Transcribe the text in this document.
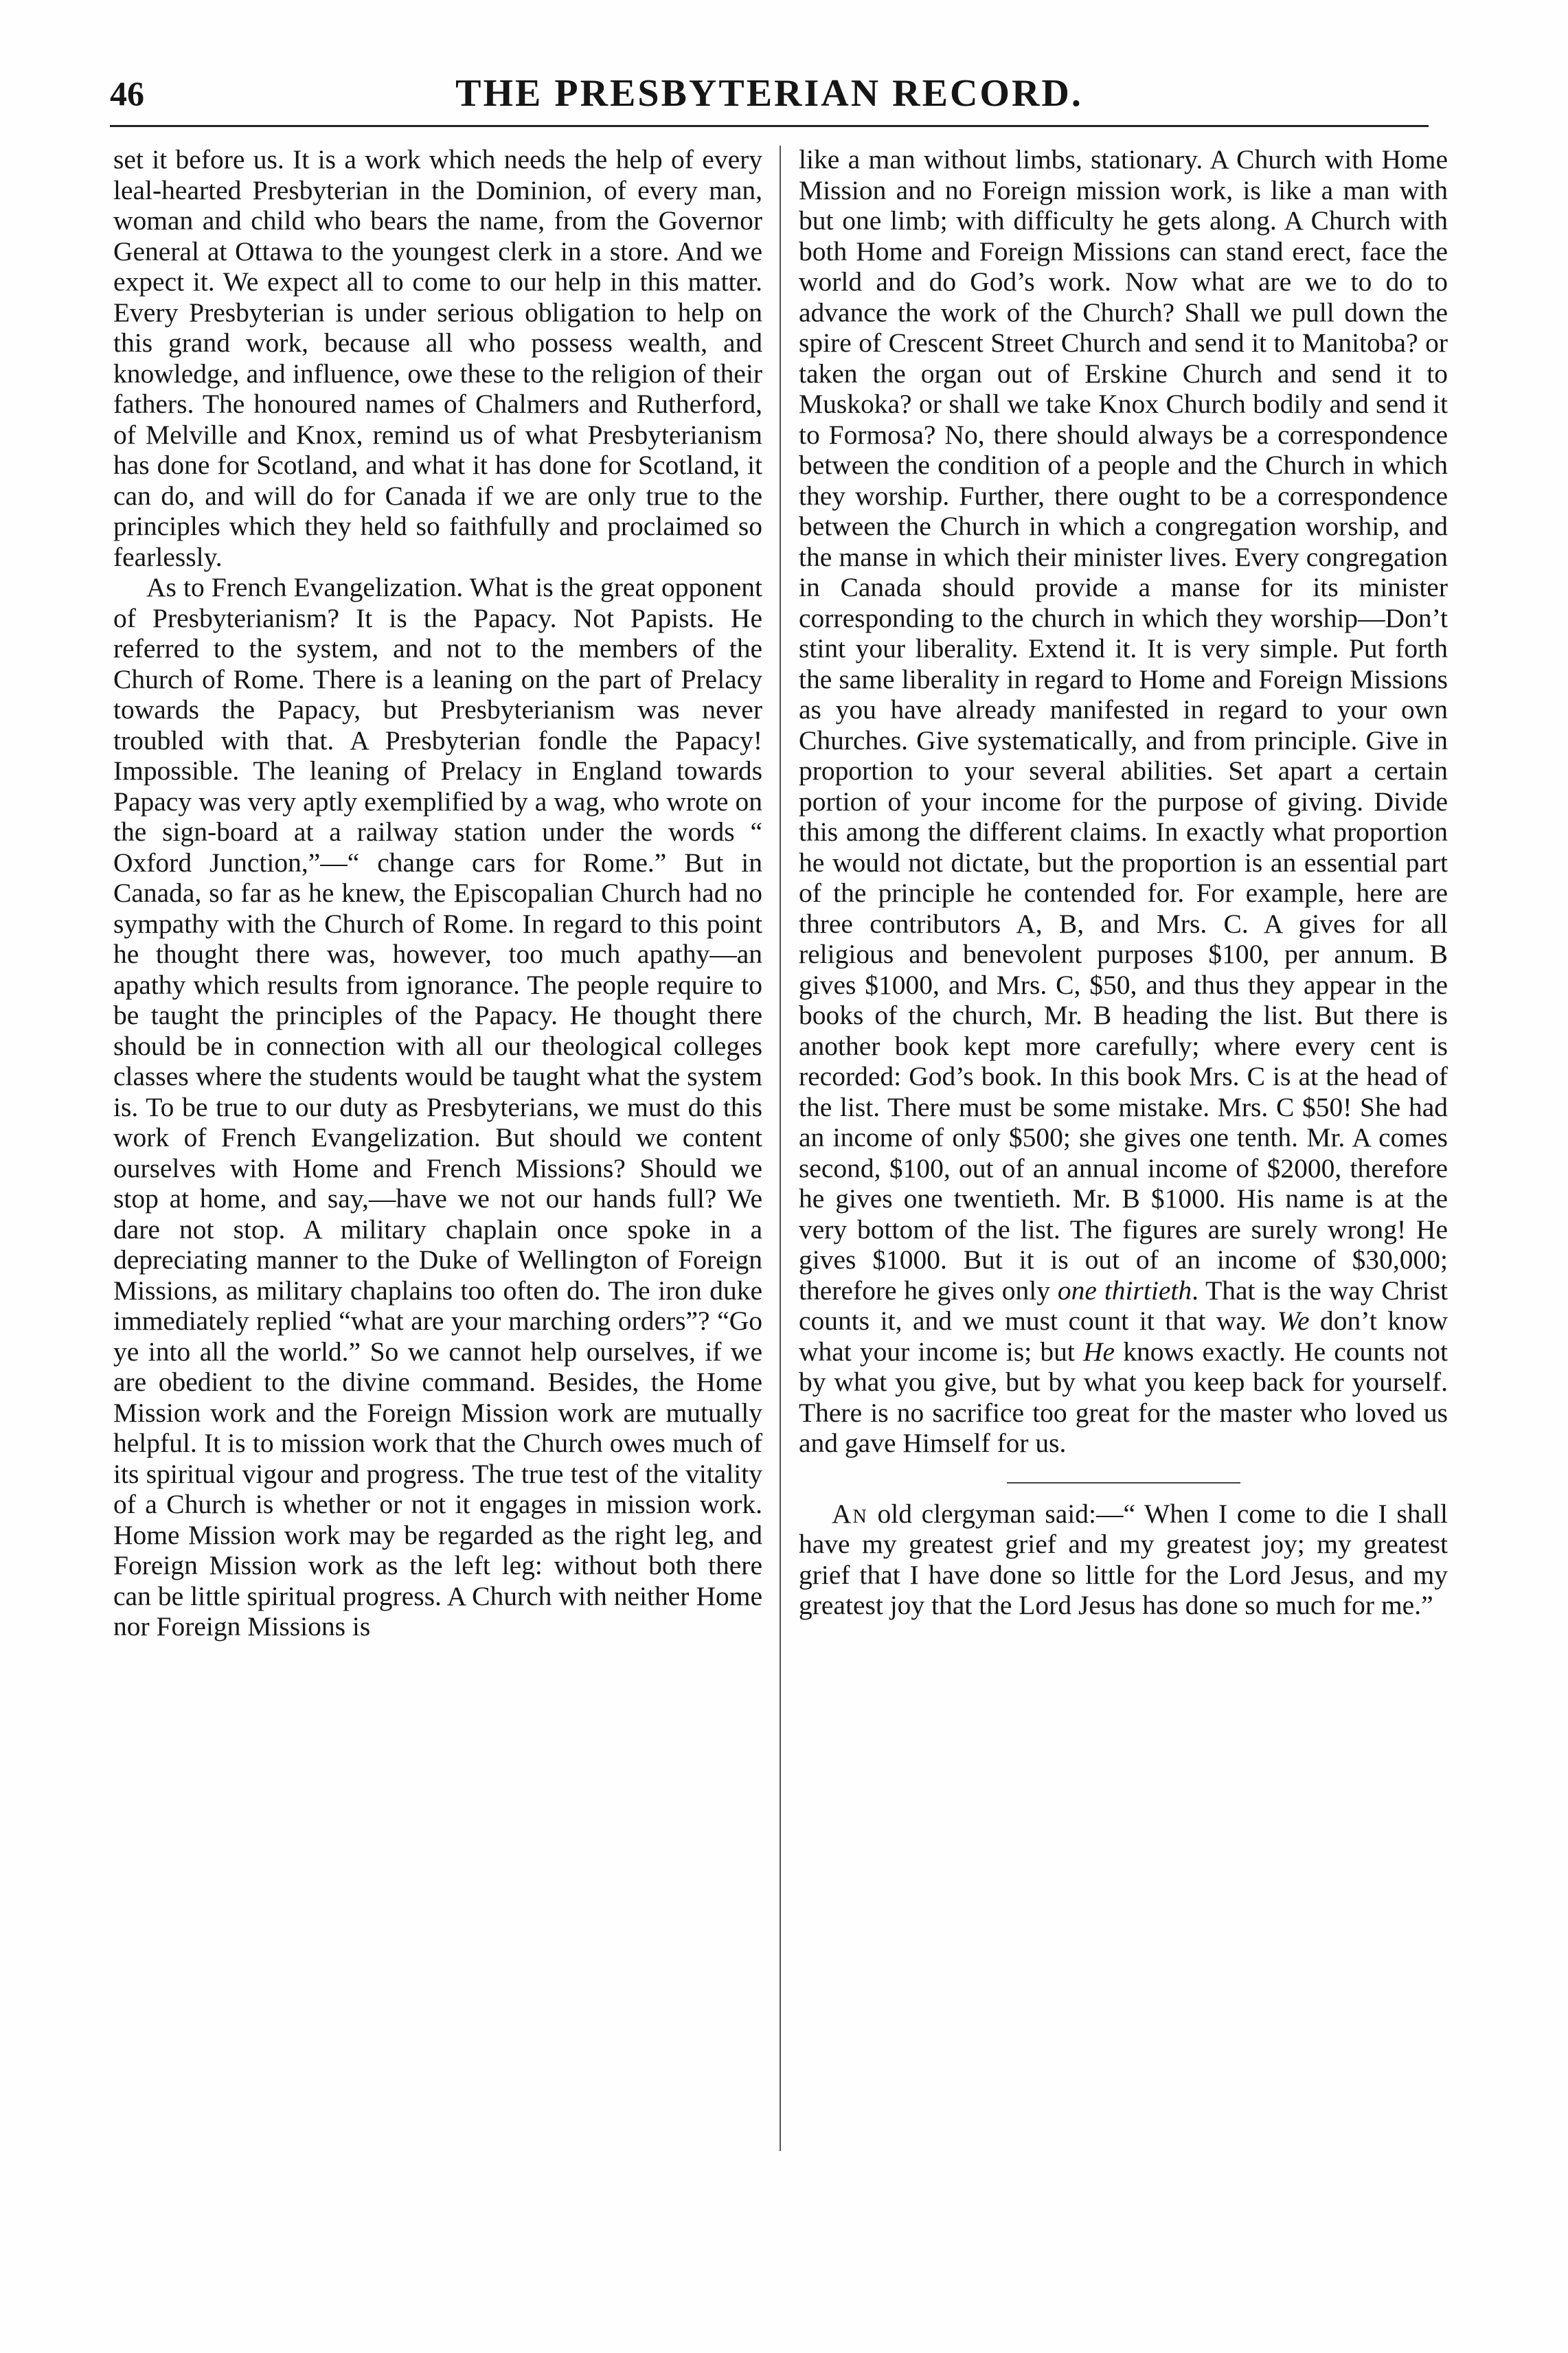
46	THE PRESBYTERIAN RECORD.

set it before us. It is a work which needs the help of every leal-hearted Presbyterian in the Dominion, of every man, woman and child who bears the name, from the Governor General at Ottawa to the youngest clerk in a store. And we expect it. We expect all to come to our help in this matter. Every Presbyterian is under serious obligation to help on this grand work, because all who possess wealth, and knowledge, and influence, owe these to the religion of their fathers. The honoured names of Chalmers and Rutherford, of Melville and Knox, remind us of what Presbyterianism has done for Scotland, and what it has done for Scotland, it can do, and will do for Canada if we are only true to the principles which they held so faithfully and proclaimed so fearlessly.

As to French Evangelization. What is the great opponent of Presbyterianism? It is the Papacy. Not Papists. He referred to the system, and not to the members of the Church of Rome. There is a leaning on the part of Prelacy towards the Papacy, but Presbyterianism was never troubled with that. A Presbyterian fondle the Papacy! Impossible. The leaning of Prelacy in England towards Papacy was very aptly exemplified by a wag, who wrote on the sign-board at a railway station under the words “ Oxford Junction,”—“ change cars for Rome.” But in Canada, so far as he knew, the Episcopalian Church had no sympathy with the Church of Rome. In regard to this point he thought there was, however, too much apathy—an apathy which results from ignorance. The people require to be taught the principles of the Papacy. He thought there should be in connection with all our theological colleges classes where the students would be taught what the system is. To be true to our duty as Presbyterians, we must do this work of French Evangelization. But should we content ourselves with Home and French Missions? Should we stop at home, and say,—have we not our hands full? We dare not stop. A military chaplain once spoke in a depreciating manner to the Duke of Wellington of Foreign Missions, as military chaplains too often do. The iron duke immediately replied “what are your marching orders”? “Go ye into all the world.” So we cannot help ourselves, if we are obedient to the divine command. Besides, the Home Mission work and the Foreign Mission work are mutually helpful. It is to mission work that the Church owes much of its spiritual vigour and progress. The true test of the vitality of a Church is whether or not it engages in mission work. Home Mission work may be regarded as the right leg, and Foreign Mission work as the left leg: without both there can be little spiritual progress. A Church with neither Home nor Foreign Missions is

like a man without limbs, stationary. A Church with Home Mission and no Foreign mission work, is like a man with but one limb; with difficulty he gets along. A Church with both Home and Foreign Missions can stand erect, face the world and do God’s work. Now what are we to do to advance the work of the Church? Shall we pull down the spire of Crescent Street Church and send it to Manitoba? or taken the organ out of Erskine Church and send it to Muskoka? or shall we take Knox Church bodily and send it to Formosa? No, there should always be a correspondence between the condition of a people and the Church in which they worship. Further, there ought to be a correspondence between the Church in which a congregation worship, and the manse in which their minister lives. Every congregation in Canada should provide a manse for its minister corresponding to the church in which they worship—Don’t stint your liberality. Extend it. It is very simple. Put forth the same liberality in regard to Home and Foreign Missions as you have already manifested in regard to your own Churches. Give systematically, and from principle. Give in proportion to your several abilities. Set apart a certain portion of your income for the purpose of giving. Divide this among the different claims. In exactly what proportion he would not dictate, but the proportion is an essential part of the principle he contended for. For example, here are three contributors A, B, and Mrs. C. A gives for all religious and benevolent purposes $100, per annum. B gives $1000, and Mrs. C, $50, and thus they appear in the books of the church, Mr. B heading the list. But there is another book kept more carefully; where every cent is recorded: God’s book. In this book Mrs. C is at the head of the list. There must be some mistake. Mrs. C $50! She had an income of only $500; she gives one tenth. Mr. A comes second, $100, out of an annual income of $2000, therefore he gives one twentieth. Mr. B $1000. His name is at the very bottom of the list. The figures are surely wrong! He gives $1000. But it is out of an income of $30,000; therefore he gives only one thirtieth. That is the way Christ counts it, and we must count it that way. We don’t know what your income is; but He knows exactly. He counts not by what you give, but by what you keep back for yourself. There is no sacrifice too great for the master who loved us and gave Himself for us.

An old clergyman said:—“ When I come to die I shall have my greatest grief and my greatest joy; my greatest grief that I have done so little for the Lord Jesus, and my greatest joy that the Lord Jesus has done so much for me.”
